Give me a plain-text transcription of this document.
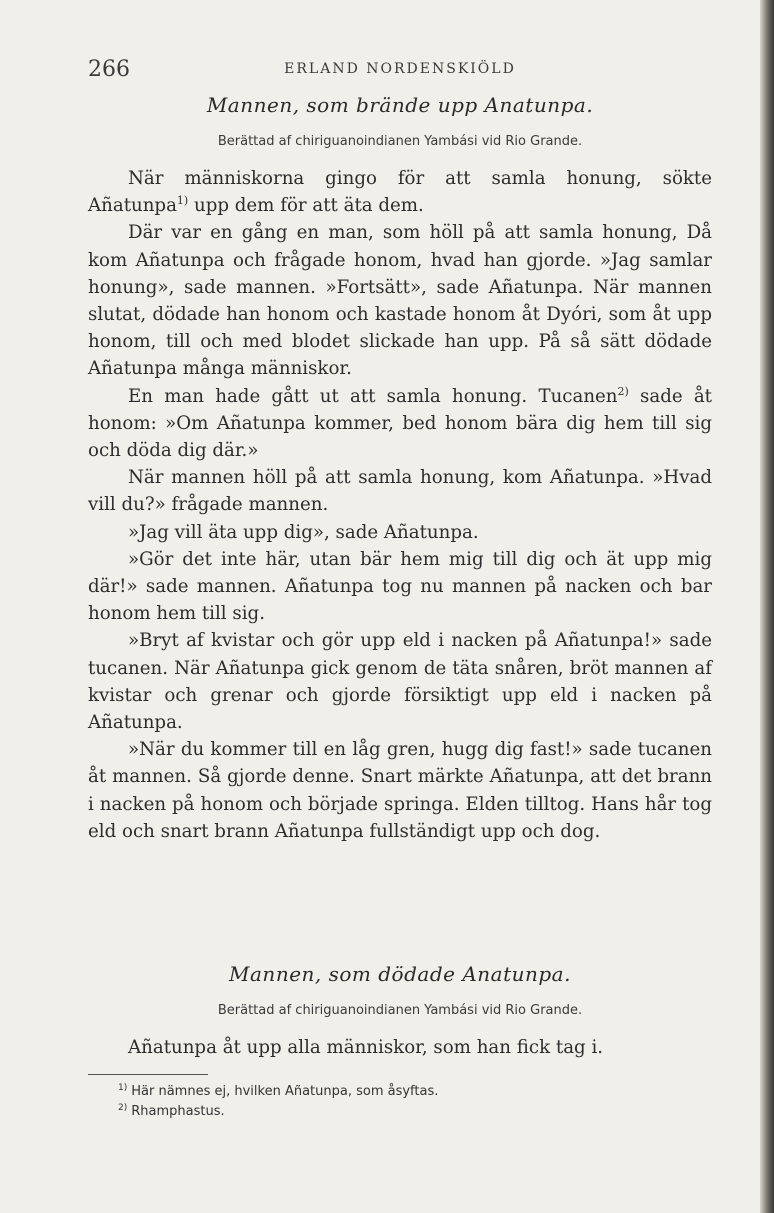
266	ERLAND NORDENSKIÖLD
Mannen, som brände upp Anatunpa.
Berättad af chiriguanoindianen Yambási vid Rio Grande.

När människorna gingo för att samla honung, sökte Añatunpa$^{1)}$ upp dem för att äta dem.

Där var en gång en man, som höll på att samla honung, Då kom Añatunpa och frågade honom, hvad han gjorde. »Jag samlar honung», sade mannen. »Fortsätt», sade Añatunpa. När mannen slutat, dödade han honom och kastade honom åt Dyóri, som åt upp honom, till och med blodet slickade han upp. På så sätt dödade Añatunpa många människor.

En man hade gått ut att samla honung. Tucanen$^{2)}$ sade åt honom: »Om Añatunpa kommer, bed honom bära dig hem till sig och döda dig där.»

När mannen höll på att samla honung, kom Añatunpa. »Hvad vill du?» frågade mannen.

»Jag vill äta upp dig», sade Añatunpa.

»Gör det inte här, utan bär hem mig till dig och ät upp mig där!» sade mannen. Añatunpa tog nu mannen på nacken och bar honom hem till sig.

»Bryt af kvistar och gör upp eld i nacken på Añatunpa!» sade tucanen. När Añatunpa gick genom de täta snåren, bröt mannen af kvistar och grenar och gjorde försiktigt upp eld i nacken på Añatunpa.

»När du kommer till en låg gren, hugg dig fast!» sade tucanen åt mannen. Så gjorde denne. Snart märkte Añatunpa, att det brann i nacken på honom och började springa. Elden tilltog. Hans hår tog eld och snart brann Añatunpa fullständigt upp och dog.

Mannen, som dödade Anatunpa.
Berättad af chiriguanoindianen Yambási vid Rio Grande.

Añatunpa åt upp alla människor, som han fick tag i.

$^{1)}$ Här nämnes ej, hvilken Añatunpa, som åsyftas.
$^{2)}$ Rhamphastus.
